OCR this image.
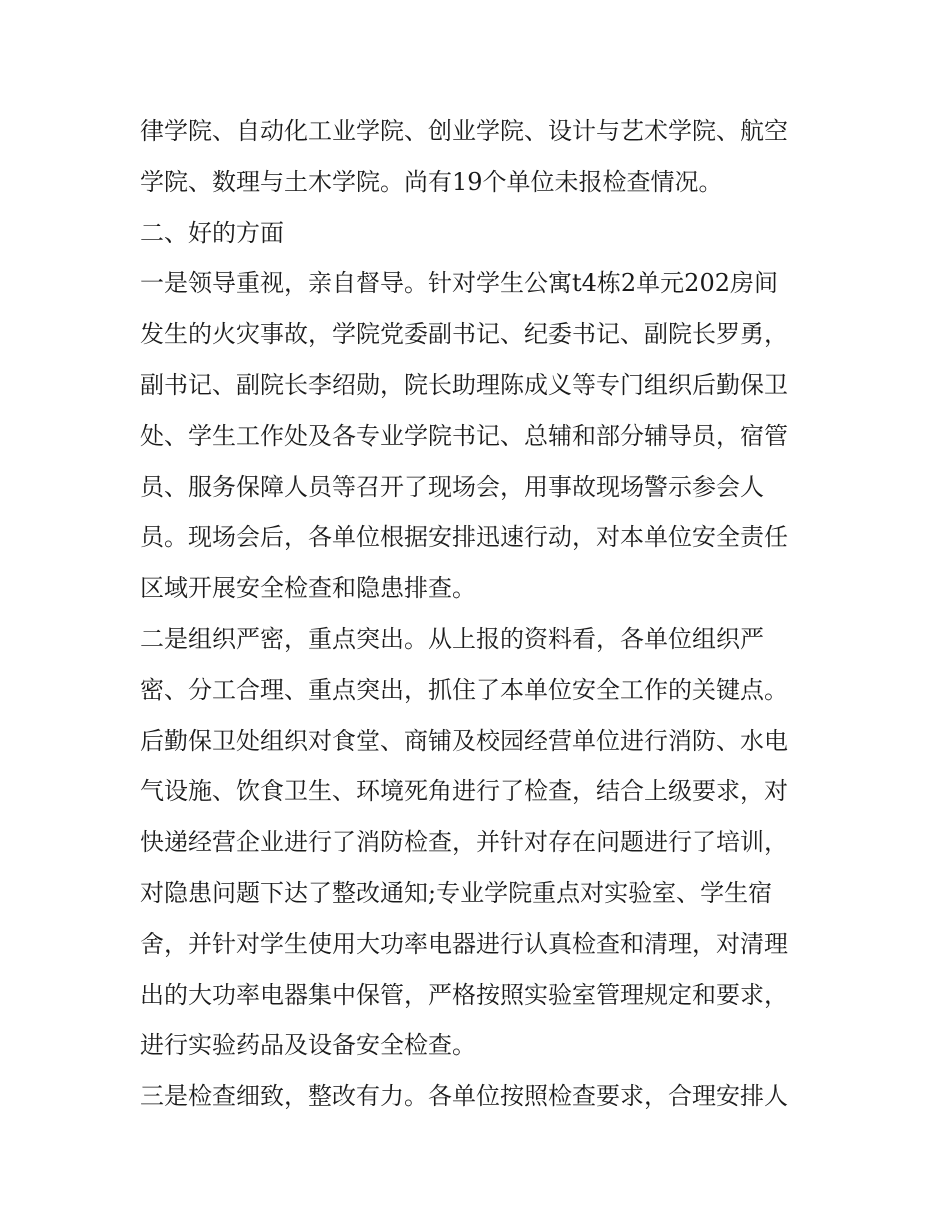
律学院、自动化工业学院、创业学院、设计与艺术学院、航空

学院、数理与土木学院。尚有19个单位未报检查情况。

二、好的方面

一是领导重视，亲自督导。针对学生公寓t4栋2单元202房间

发生的火灾事故，学院党委副书记、纪委书记、副院长罗勇，

副书记、副院长李绍勋，院长助理陈成义等专门组织后勤保卫

处、学生工作处及各专业学院书记、总辅和部分辅导员，宿管

员、服务保障人员等召开了现场会，用事故现场警示参会人

员。现场会后，各单位根据安排迅速行动，对本单位安全责任

区域开展安全检查和隐患排查。

二是组织严密，重点突出。从上报的资料看，各单位组织严

密、分工合理、重点突出，抓住了本单位安全工作的关键点。

后勤保卫处组织对食堂、商铺及校园经营单位进行消防、水电

气设施、饮食卫生、环境死角进行了检查，结合上级要求，对

快递经营企业进行了消防检查，并针对存在问题进行了培训，

对隐患问题下达了整改通知;专业学院重点对实验室、学生宿

舍，并针对学生使用大功率电器进行认真检查和清理，对清理

出的大功率电器集中保管，严格按照实验室管理规定和要求，

进行实验药品及设备安全检查。

三是检查细致，整改有力。各单位按照检查要求，合理安排人
